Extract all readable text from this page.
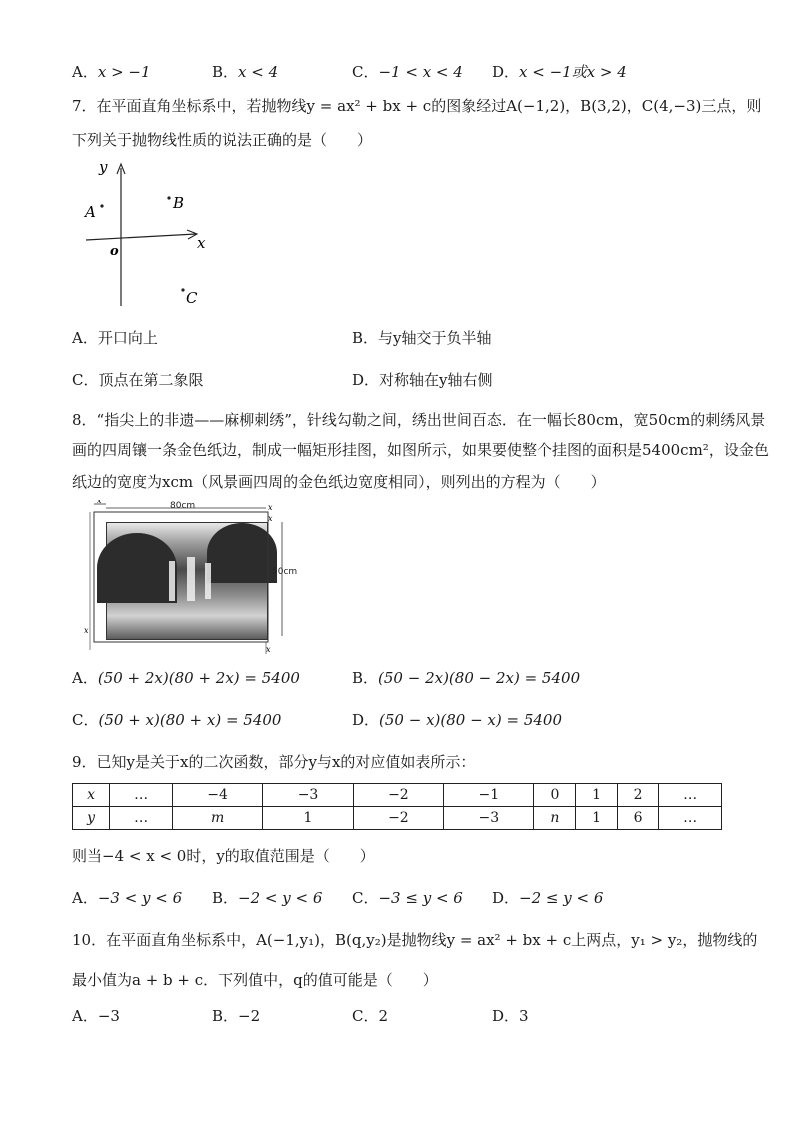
A．x > −1	B．x < 4	C．−1 < x < 4 D．x < −1或x > 4
7．在平面直角坐标系中，若抛物线y = ax² + bx + c的图象经过A(−1,2)，B(3,2)，C(4,−3)三点，则
下列关于抛物线性质的说法正确的是（　　）
y
x
o
A	B
C
A．开口向上	B．与y轴交于负半轴
C．顶点在第二象限	D．对称轴在y轴右侧
8．“指尖上的非遗——麻柳刺绣”，针线勾勒之间，绣出世间百态．在一幅长80cm，宽50cm的刺绣风景
画的四周镶一条金色纸边，制成一幅矩形挂图，如图所示，如果要使整个挂图的面积是5400cm²，设金色
纸边的宽度为xcm（风景画四周的金色纸边宽度相同），则列出的方程为（　　）
80cm
50cm
x
x
x
x
x
A．(50 + 2x)(80 + 2x) = 5400	B．(50 − 2x)(80 − 2x) = 5400
C．(50 + x)(80 + x) = 5400	D．(50 − x)(80 − x) = 5400
9．已知y是关于x的二次函数，部分y与x的对应值如表所示：
x	…	−4	−3	−2	−1	0	1	2	…
y	…	m	1	−2	−3	n	1	6	…
则当−4 < x < 0时，y的取值范围是（　　）
A．−3 < y < 6 B．−2 < y < 6 C．−3 ≤ y < 6 D．−2 ≤ y < 6
10．在平面直角坐标系中，A(−1,y₁)，B(q,y₂)是抛物线y = ax² + bx + c上两点，y₁ > y₂，抛物线的
最小值为a + b + c．下列值中，q的值可能是（　　）
A．−3	B．−2	C．2	D．3
